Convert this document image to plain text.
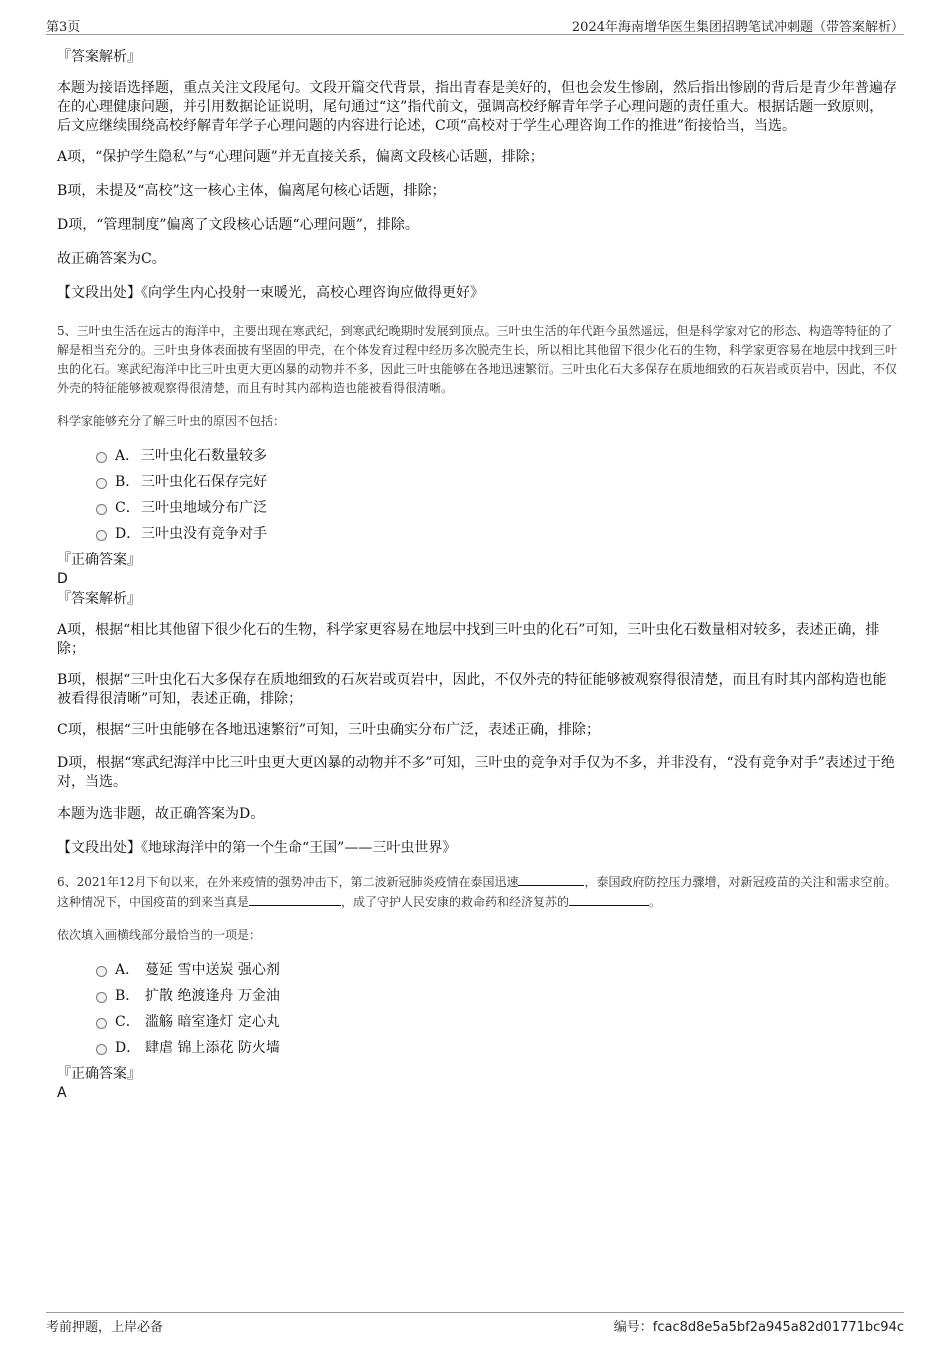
第3页	2024年海南增华医生集团招聘笔试冲刺题（带答案解析）

『答案解析』

本题为接语选择题，重点关注文段尾句。文段开篇交代背景，指出青春是美好的，但也会发生惨剧，然后指出惨剧的背后是青少年普遍存在的心理健康问题，并引用数据论证说明，尾句通过“这”指代前文，强调高校纾解青年学子心理问题的责任重大。根据话题一致原则，后文应继续围绕高校纾解青年学子心理问题的内容进行论述，C项“高校对于学生心理咨询工作的推进”衔接恰当，当选。

A项，“保护学生隐私”与“心理问题”并无直接关系，偏离文段核心话题，排除；

B项，未提及“高校”这一核心主体，偏离尾句核心话题，排除；

D项，“管理制度”偏离了文段核心话题“心理问题”，排除。

故正确答案为C。

【文段出处】《向学生内心投射一束暖光，高校心理咨询应做得更好》

5、三叶虫生活在远古的海洋中，主要出现在寒武纪，到寒武纪晚期时发展到顶点。三叶虫生活的年代距今虽然遥远，但是科学家对它的形态、构造等特征的了解是相当充分的。三叶虫身体表面披有坚固的甲壳，在个体发育过程中经历多次脱壳生长，所以相比其他留下很少化石的生物，科学家更容易在地层中找到三叶虫的化石。寒武纪海洋中比三叶虫更大更凶暴的动物并不多，因此三叶虫能够在各地迅速繁衍。三叶虫化石大多保存在质地细致的石灰岩或页岩中，因此，不仅外壳的特征能够被观察得很清楚，而且有时其内部构造也能被看得很清晰。

科学家能够充分了解三叶虫的原因不包括：

A． 三叶虫化石数量较多
B． 三叶虫化石保存完好
C．三叶虫地域分布广泛
D．三叶虫没有竞争对手

『正确答案』

D

『答案解析』

A项，根据“相比其他留下很少化石的生物，科学家更容易在地层中找到三叶虫的化石”可知，三叶虫化石数量相对较多，表述正确，排除；

B项，根据“三叶虫化石大多保存在质地细致的石灰岩或页岩中，因此，不仅外壳的特征能够被观察得很清楚，而且有时其内部构造也能被看得很清晰”可知，表述正确，排除；

C项，根据“三叶虫能够在各地迅速繁衍”可知，三叶虫确实分布广泛，表述正确，排除；

D项，根据“寒武纪海洋中比三叶虫更大更凶暴的动物并不多”可知，三叶虫的竞争对手仅为不多，并非没有，“没有竞争对手”表述过于绝对，当选。

本题为选非题，故正确答案为D。

【文段出处】《地球海洋中的第一个生命“王国”——三叶虫世界》

6、2021年12月下旬以来，在外来疫情的强势冲击下，第二波新冠肺炎疫情在泰国迅速	，泰国政府防控压力骤增，对新冠疫苗的关注和需求空前。这种情况下，中国疫苗的到来当真是	，成了守护人民安康的救命药和经济复苏的	。

依次填入画横线部分最恰当的一项是：

A． 蔓延 雪中送炭 强心剂
B． 扩散 绝渡逢舟 万金油
C． 滥觞 暗室逢灯 定心丸
D． 肆虐 锦上添花 防火墙

『正确答案』

A

考前押题，上岸必备	编号：fcac8d8e5a5bf2a945a82d01771bc94c
